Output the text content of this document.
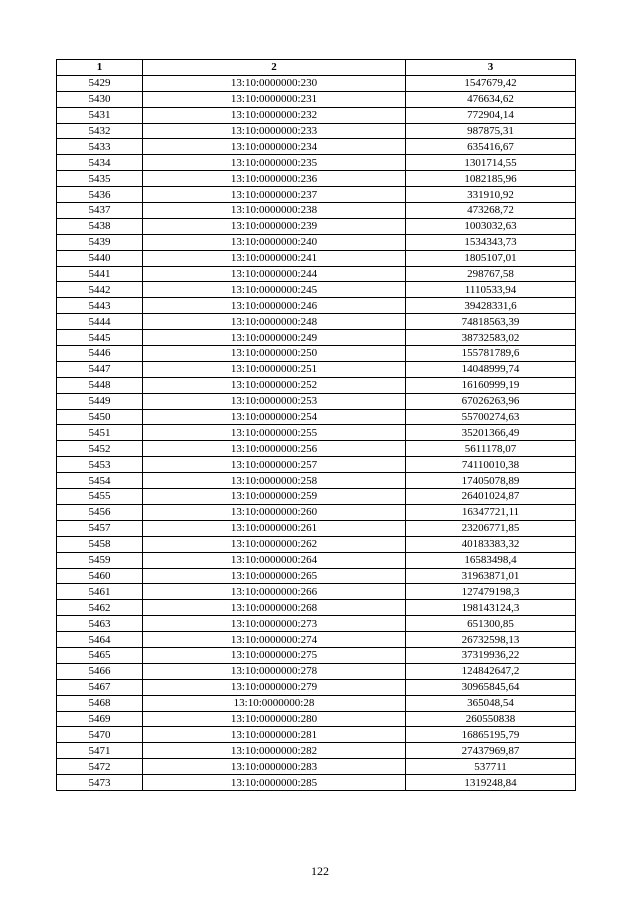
1	2	3
5429	13:10:0000000:230	1547679,42
5430	13:10:0000000:231	476634,62
5431	13:10:0000000:232	772904,14
5432	13:10:0000000:233	987875,31
5433	13:10:0000000:234	635416,67
5434	13:10:0000000:235	1301714,55
5435	13:10:0000000:236	1082185,96
5436	13:10:0000000:237	331910,92
5437	13:10:0000000:238	473268,72
5438	13:10:0000000:239	1003032,63
5439	13:10:0000000:240	1534343,73
5440	13:10:0000000:241	1805107,01
5441	13:10:0000000:244	298767,58
5442	13:10:0000000:245	1110533,94
5443	13:10:0000000:246	39428331,6
5444	13:10:0000000:248	74818563,39
5445	13:10:0000000:249	38732583,02
5446	13:10:0000000:250	155781789,6
5447	13:10:0000000:251	14048999,74
5448	13:10:0000000:252	16160999,19
5449	13:10:0000000:253	67026263,96
5450	13:10:0000000:254	55700274,63
5451	13:10:0000000:255	35201366,49
5452	13:10:0000000:256	5611178,07
5453	13:10:0000000:257	74110010,38
5454	13:10:0000000:258	17405078,89
5455	13:10:0000000:259	26401024,87
5456	13:10:0000000:260	16347721,11
5457	13:10:0000000:261	23206771,85
5458	13:10:0000000:262	40183383,32
5459	13:10:0000000:264	16583498,4
5460	13:10:0000000:265	31963871,01
5461	13:10:0000000:266	127479198,3
5462	13:10:0000000:268	198143124,3
5463	13:10:0000000:273	651300,85
5464	13:10:0000000:274	26732598,13
5465	13:10:0000000:275	37319936,22
5466	13:10:0000000:278	124842647,2
5467	13:10:0000000:279	30965845,64
5468	13:10:0000000:28	365048,54
5469	13:10:0000000:280	260550838
5470	13:10:0000000:281	16865195,79
5471	13:10:0000000:282	27437969,87
5472	13:10:0000000:283	537711
5473	13:10:0000000:285	1319248,84
122
